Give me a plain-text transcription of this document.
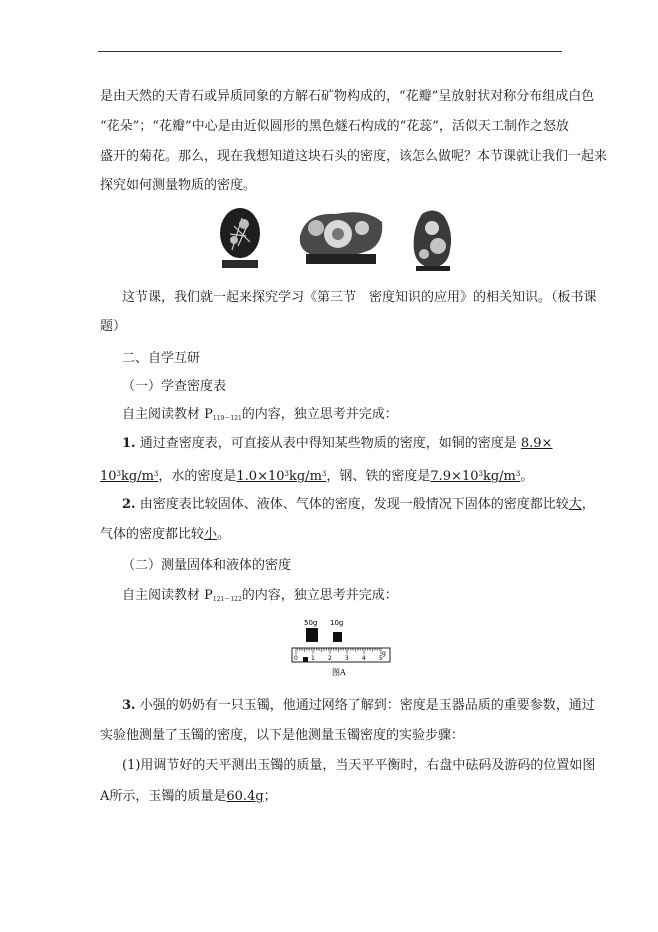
是由天然的天青石或异质同象的方解石矿物构成的，“花瓣”呈放射状对称分布组成白色
“花朵”；“花瓣”中心是由近似圆形的黑色燧石构成的“花蕊”，活似天工制作之怒放
盛开的菊花。那么，现在我想知道这块石头的密度，该怎么做呢？本节课就让我们一起来
探究如何测量物质的密度。
这节课，我们就一起来探究学习《第三节　密度知识的应用》的相关知识。（板书课
题）
二、自学互研
（一）学查密度表
自主阅读教材 $P_{119\sim 121}$的内容，独立思考并完成：
1. 通过查密度表，可直接从表中得知某些物质的密度，如铜的密度是 8.9×
$10^3kg/m^3$，水的密度是$1.0\times 10^3kg/m^3$，钢、铁的密度是$7.9\times 10^3kg/m^3$。
2. 由密度表比较固体、液体、气体的密度，发现一般情况下固体的密度都比较大，
气体的密度都比较小。
（二）测量固体和液体的密度
自主阅读教材 $P_{121\sim 122}$的内容，独立思考并完成：
50g 10g
0 1 2 3 4 5
g
图A
3. 小强的奶奶有一只玉镯，他通过网络了解到：密度是玉器品质的重要参数，通过
实验他测量了玉镯的密度，以下是他测量玉镯密度的实验步骤：
(1)用调节好的天平测出玉镯的质量，当天平平衡时，右盘中砝码及游码的位置如图
A所示，玉镯的质量是60.4g；
